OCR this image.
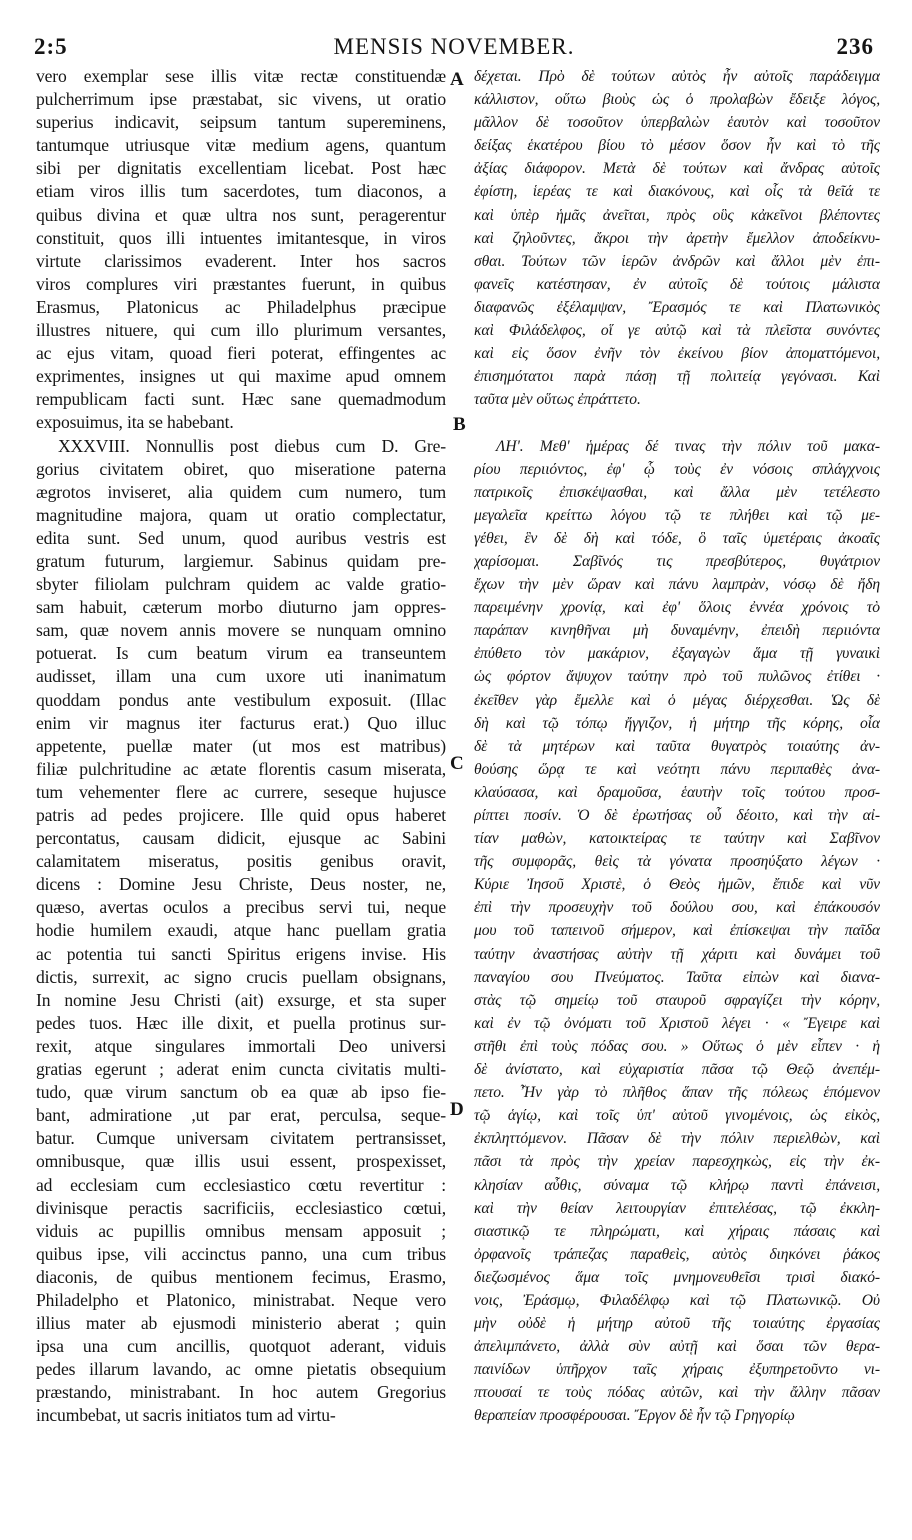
2:5	MENSIS NOVEMBER.	236
A
B
C
D
vero exemplar sese illis vitæ rectæ constituendæ
pulcherrimum ipse præstabat, sic vivens, ut oratio
superius indicavit, seipsum tantum supereminens,
tantumque utriusque vitæ medium agens, quantum
sibi per dignitatis excellentiam licebat. Post hæc
etiam viros illis tum sacerdotes, tum diaconos, a
quibus divina et quæ ultra nos sunt, peragerentur
constituit, quos illi intuentes imitantesque, in viros
virtute clarissimos evaderent. Inter hos sacros
viros complures viri præstantes fuerunt, in quibus
Erasmus, Platonicus ac Philadelphus præcipue
illustres nituere, qui cum illo plurimum versantes,
ac ejus vitam, quoad fieri poterat, effingentes ac
exprimentes, insignes ut qui maxime apud omnem
rempublicam facti sunt. Hæc sane quemadmodum
exposuimus, ita se habebant.
XXXVIII. Nonnullis post diebus cum D. Gre-
gorius civitatem obiret, quo miseratione paterna
ægrotos inviseret, alia quidem cum numero, tum
magnitudine majora, quam ut oratio complectatur,
edita sunt. Sed unum, quod auribus vestris est
gratum futurum, largiemur. Sabinus quidam pre-
sbyter filiolam pulchram quidem ac valde gratio-
sam habuit, cæterum morbo diuturno jam oppres-
sam, quæ novem annis movere se nunquam omnino
potuerat. Is cum beatum virum ea transeuntem
audisset, illam una cum uxore uti inanimatum
quoddam pondus ante vestibulum exposuit. (Illac
enim vir magnus iter facturus erat.) Quo illuc
appetente, puellæ mater (ut mos est matribus)
filiæ pulchritudine ac ætate florentis casum miserata,
tum vehementer flere ac currere, seseque hujusce
patris ad pedes projicere. Ille quid opus haberet
percontatus, causam didicit, ejusque ac Sabini
calamitatem miseratus, positis genibus oravit,
dicens : Domine Jesu Christe, Deus noster, ne,
quæso, avertas oculos a precibus servi tui, neque
hodie humilem exaudi, atque hanc puellam gratia
ac potentia tui sancti Spiritus erigens invise. His
dictis, surrexit, ac signo crucis puellam obsignans,
In nomine Jesu Christi (ait) exsurge, et sta super
pedes tuos. Hæc ille dixit, et puella protinus sur-
rexit, atque singulares immortali Deo universi
gratias egerunt ; aderat enim cuncta civitatis multi-
tudo, quæ virum sanctum ob ea quæ ab ipso fie-
bant, admiratione ,ut par erat, perculsa, seque-
batur. Cumque universam civitatem pertransisset,
omnibusque, quæ illis usui essent, prospexisset,
ad ecclesiam cum ecclesiastico cœtu revertitur :
divinisque peractis sacrificiis, ecclesiastico cœtui,
viduis ac pupillis omnibus mensam apposuit ;
quibus ipse, vili accinctus panno, una cum tribus
diaconis, de quibus mentionem fecimus, Erasmo,
Philadelpho et Platonico, ministrabat. Neque vero
illius mater ab ejusmodi ministerio aberat ; quin
ipsa una cum ancillis, quotquot aderant, viduis
pedes illarum lavando, ac omne pietatis obsequium
præstando, ministrabant. In hoc autem Gregorius
incumbebat, ut sacris initiatos tum ad virtu-
δέχεται. Πρὸ δὲ τούτων αὐτὸς ἦν αὐτοῖς παράδειγμα
κάλλιστον, οὕτω βιοὺς ὡς ὁ προλαβὼν ἔδειξε λόγος,
μᾶλλον δὲ τοσοῦτον ὑπερβαλὼν ἑαυτὸν καὶ τοσοῦτον
δείξας ἑκατέρου βίου τὸ μέσον ὅσον ἦν καὶ τὸ τῆς
ἀξίας διάφορον. Μετὰ δὲ τούτων καὶ ἄνδρας αὐτοῖς
ἐφίστη, ἱερέας τε καὶ διακόνους, καὶ οἷς τὰ θεῖά τε
καὶ ὑπὲρ ἡμᾶς ἀνεῖται, πρὸς οὓς κἀκεῖνοι βλέποντες
καὶ ζηλοῦντες, ἄκροι τὴν ἀρετὴν ἔμελλον ἀποδείκνυ-
σθαι. Τούτων τῶν ἱερῶν ἀνδρῶν καὶ ἄλλοι μὲν ἐπι-
φανεῖς κατέστησαν, ἐν αὐτοῖς δὲ τούτοις μάλιστα
διαφανῶς ἐξέλαμψαν, Ἔρασμός τε καὶ Πλατωνικὸς
καὶ Φιλάδελφος, οἵ γε αὐτῷ καὶ τὰ πλεῖστα συνόντες
καὶ εἰς ὅσον ἐνῆν τὸν ἐκείνου βίον ἀποματτόμενοι,
ἐπισημότατοι παρὰ πάσῃ τῇ πολιτείᾳ γεγόνασι. Καὶ
ταῦτα μὲν οὕτως ἐπράττετο.
ΛΗ'. Μεθ' ἡμέρας δέ τινας τὴν πόλιν τοῦ μακα-
ρίου περιιόντος, ἐφ' ᾧ τοὺς ἐν νόσοις σπλάγχνοις
πατρικοῖς ἐπισκέψασθαι, καὶ ἄλλα μὲν τετέλεστο
μεγαλεῖα κρείττω λόγου τῷ τε πλήθει καὶ τῷ με-
γέθει, ἓν δὲ δὴ καὶ τόδε, ὃ ταῖς ὑμετέραις ἀκοαῖς
χαρίσομαι. Σαβῖνός τις πρεσβύτερος, θυγάτριον
ἔχων τὴν μὲν ὥραν καὶ πάνυ λαμπρὰν, νόσῳ δὲ ἤδη
παρειμένην χρονίᾳ, καὶ ἐφ' ὅλοις ἐννέα χρόνοις τὸ
παράπαν κινηθῆναι μὴ δυναμένην, ἐπειδὴ περιιόντα
ἐπύθετο τὸν μακάριον, ἐξαγαγὼν ἅμα τῇ γυναικὶ
ὡς φόρτον ἄψυχον ταύτην πρὸ τοῦ πυλῶνος ἐτίθει ·
ἐκεῖθεν γὰρ ἔμελλε καὶ ὁ μέγας διέρχεσθαι. Ὡς δὲ
δὴ καὶ τῷ τόπῳ ἤγγιζον, ἡ μήτηρ τῆς κόρης, οἷα
δὲ τὰ μητέρων καὶ ταῦτα θυγατρὸς τοιαύτης ἀν-
θούσης ὥρᾳ τε καὶ νεότητι πάνυ περιπαθὲς ἀνα-
κλαύσασα, καὶ δραμοῦσα, ἑαυτὴν τοῖς τούτου προσ-
ρίπτει ποσίν. Ὁ δὲ ἐρωτήσας οὗ δέοιτο, καὶ τὴν αἰ-
τίαν μαθὼν, κατοικτείρας τε ταύτην καὶ Σαβῖνον
τῆς συμφορᾶς, θεὶς τὰ γόνατα προσηύξατο λέγων ·
Κύριε Ἰησοῦ Χριστὲ, ὁ Θεὸς ἡμῶν, ἔπιδε καὶ νῦν
ἐπὶ τὴν προσευχὴν τοῦ δούλου σου, καὶ ἐπάκουσόν
μου τοῦ ταπεινοῦ σήμερον, καὶ ἐπίσκεψαι τὴν παῖδα
ταύτην ἀναστήσας αὐτὴν τῇ χάριτι καὶ δυνάμει τοῦ
παναγίου σου Πνεύματος. Ταῦτα εἰπὼν καὶ διανα-
στὰς τῷ σημείῳ τοῦ σταυροῦ σφραγίζει τὴν κόρην,
καὶ ἐν τῷ ὀνόματι τοῦ Χριστοῦ λέγει · « Ἔγειρε καὶ
στῆθι ἐπὶ τοὺς πόδας σου. » Οὕτως ὁ μὲν εἶπεν · ἡ
δὲ ἀνίστατο, καὶ εὐχαριστία πᾶσα τῷ Θεῷ ἀνεπέμ-
πετο. Ἦν γὰρ τὸ πλῆθος ἅπαν τῆς πόλεως ἑπόμενον
τῷ ἁγίῳ, καὶ τοῖς ὑπ' αὐτοῦ γινομένοις, ὡς εἰκὸς,
ἐκπληττόμενον. Πᾶσαν δὲ τὴν πόλιν περιελθὼν, καὶ
πᾶσι τὰ πρὸς τὴν χρείαν παρεσχηκὼς, εἰς τὴν ἐκ-
κλησίαν αὖθις, σύναμα τῷ κλήρῳ παντὶ ἐπάνεισι,
καὶ τὴν θείαν λειτουργίαν ἐπιτελέσας, τῷ ἐκκλη-
σιαστικῷ τε πληρώματι, καὶ χήραις πάσαις καὶ
ὀρφανοῖς τράπεζας παραθεὶς, αὐτὸς διηκόνει ῥάκος
διεζωσμένος ἅμα τοῖς μνημονευθεῖσι τρισὶ διακό-
νοις, Ἐράσμῳ, Φιλαδέλφῳ καὶ τῷ Πλατωνικῷ. Οὐ
μὴν οὐδὲ ἡ μήτηρ αὐτοῦ τῆς τοιαύτης ἐργασίας
ἀπελιμπάνετο, ἀλλὰ σὺν αὐτῇ καὶ ὅσαι τῶν θερα-
παινίδων ὑπῆρχον ταῖς χήραις ἐξυπηρετοῦντο νι-
πτουσαί τε τοὺς πόδας αὐτῶν, καὶ τὴν ἄλλην πᾶσαν
θεραπείαν προσφέρουσαι. Ἔργον δὲ ἦν τῷ Γρηγορίῳ
